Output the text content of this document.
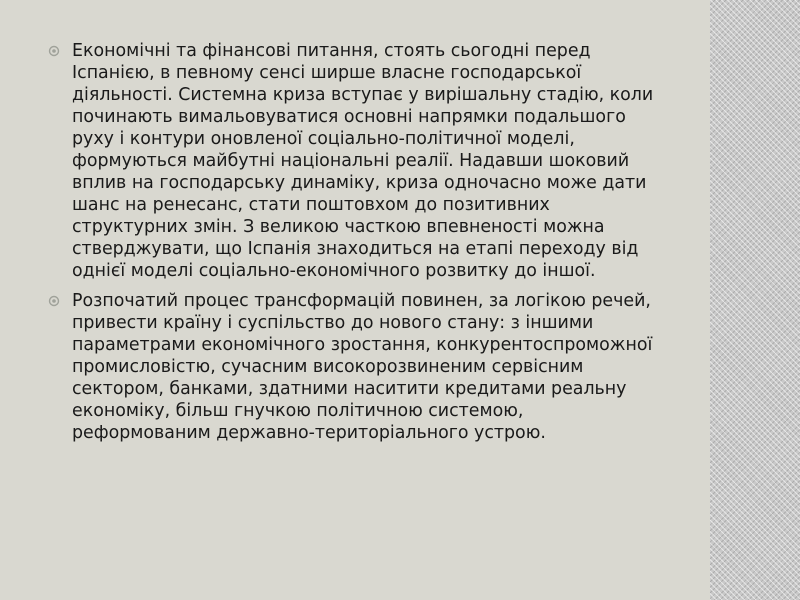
Економічні та фінансові питання, стоять сьогодні перед Іспанією, в певному сенсі ширше власне господарської діяльності. Системна криза вступає у вирішальну стадію, коли починають вимальовуватися основні напрямки подальшого руху і контури оновленої соціально-політичної моделі, формуються майбутні національні реалії. Надавши шоковий вплив на господарську динаміку, криза одночасно може дати шанс на ренесанс, стати поштовхом до позитивних структурних змін. З великою часткою впевненості можна стверджувати, що Іспанія знаходиться на етапі переходу від однієї моделі соціально-економічного розвитку до іншої.
Розпочатий процес трансформацій повинен, за логікою речей, привести країну і суспільство до нового стану: з іншими параметрами економічного зростання, конкурентоспроможної промисловістю, сучасним високорозвиненим сервісним сектором, банками, здатними наситити кредитами реальну економіку, більш гнучкою політичною системою, реформованим державно-територіального устрою.
